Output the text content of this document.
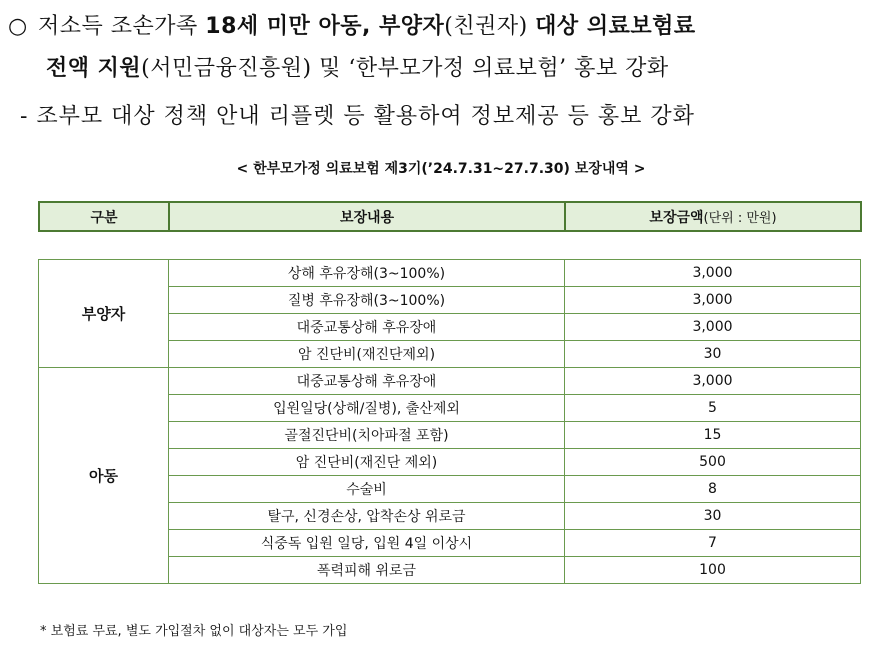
○ 저소득 조손가족 18세 미만 아동, 부양자(친권자) 대상 의료보험료
전액 지원(서민금융진흥원) 및 ‘한부모가정 의료보험’ 홍보 강화
- 조부모 대상 정책 안내 리플렛 등 활용하여 정보제공 등 홍보 강화
< 한부모가정 의료보험 제3기(’24.7.31~27.7.30) 보장내역 >
구분	보장내용	보장금액(단위 : 만원)
부양자	상해 후유장해(3~100%)	3,000
	질병 후유장해(3~100%)	3,000
	대중교통상해 후유장애	3,000
	암 진단비(재진단제외)	30
아동	대중교통상해 후유장애	3,000
	입원일당(상해/질병), 출산제외	5
	골절진단비(치아파절 포함)	15
	암 진단비(재진단 제외)	500
	수술비	8
	탈구, 신경손상, 압착손상 위로금	30
	식중독 입원 일당, 입원 4일 이상시	7
	폭력피해 위로금	100
* 보험료 무료, 별도 가입절차 없이 대상자는 모두 가입
